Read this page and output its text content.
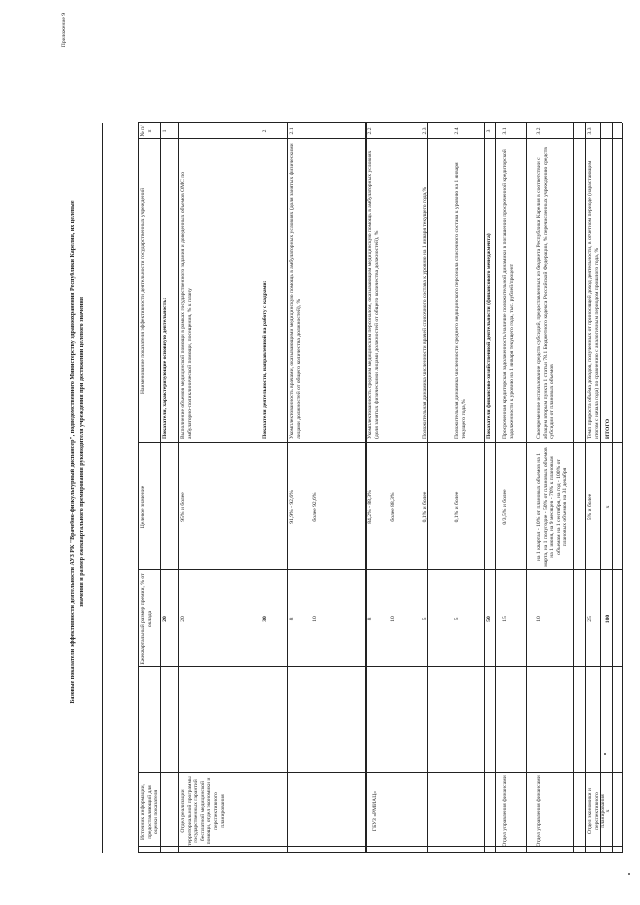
Приложение 9
Базовые показатели эффективности деятельности АУЗ РК "Врачебно-физкультурный диспансер", подведомственного Министерству здравоохранения Республики Карелия, их целевые значения и размер ежеквартального премирования руководителя учреждения при достижении целевого значения
Источник информации, предоставляющий для оценки показателя
Ежеквартальный размер премии, % от оклада
Целевое значение
Наименование показателя эффективности деятельности государственных учреждений
№ п/п 1
Показатели, характеризующие основную деятельность:
20
Выполнение объемов медицинской помощи в рамках государственного задания и доведенных объемов ОМС по амбулаторно-поликлинической помощи, посещения, % к плану
95% и более
20
Отдел реализации территориальной программы государственных гарантий бесплатной медицинской помощи, отдел экономики и перспективного планирования
2
Показатели деятельности, направленной на работу с кадрами:
30
2.1
Укомплектованность врачами, оказывающими медицинскую помощь в амбулаторных условиях (доля занятых физическими лицами должностей от общего количества должностей), %
91,9% - 92,6%
8
более 92,6%
10
2.2
Укомплектованность средним медицинским персоналом, оказывающим медицинскую помощь в амбулаторных условиях (доля занятых физическими лицами должностей от общего количества должностей), %
84,2% - 88,3%
8
более 88,3%
10
2.3
Положительная динамика численности врачей списочного состава к уровню на 1 января текущего года,%
0,1% и более
5
2.4
Положительная динамика численности среднего медицинского персонала списочного состава к уровню на 1 января текущего года,%
0,1% и более
5
3
Показатели финансово-хозяйственной деятельности (финансового менеджмента)
50
3.1
Просроченная кредиторская задолженность/наличие положительной динамики в погашении просроченной кредиторской задолженности к уровню на 1 января текущего года, тыс. рублей/процент
0/3,5% и более
15
Отдел управления финансами
3.2
Своевременное использование средств субсидий, предоставленных из бюджета Республики Карелия в соответствии с абзацем вторым пункта 1 статьи 78.1 Бюджетного кодекса Российской Федерации, % перечисленных учреждению средств субсидии от плановых объемов
на 1 квартал - 10% от плановых объемов на 1 марта, на 1 полугодие - 50% от плановых объемов на 1 июня, на 9 месяцев - 70% к плановым объемам на 1 сентября, на год - 100% от плановых объемов на 31 декабря
10
Отдел управления финансами
3.3
Темп прироста объёма доходов, полученных от приносящей доход деятельности, в отчетном периоде (нарастающим итогом с начала года) по сравнению с аналогичным периодом прошлого года, %
5% и более
25
Отдел экономики и перспективного планирования
ИТОГО
x
100
x
ГБУЗ «РМИАЦ»
